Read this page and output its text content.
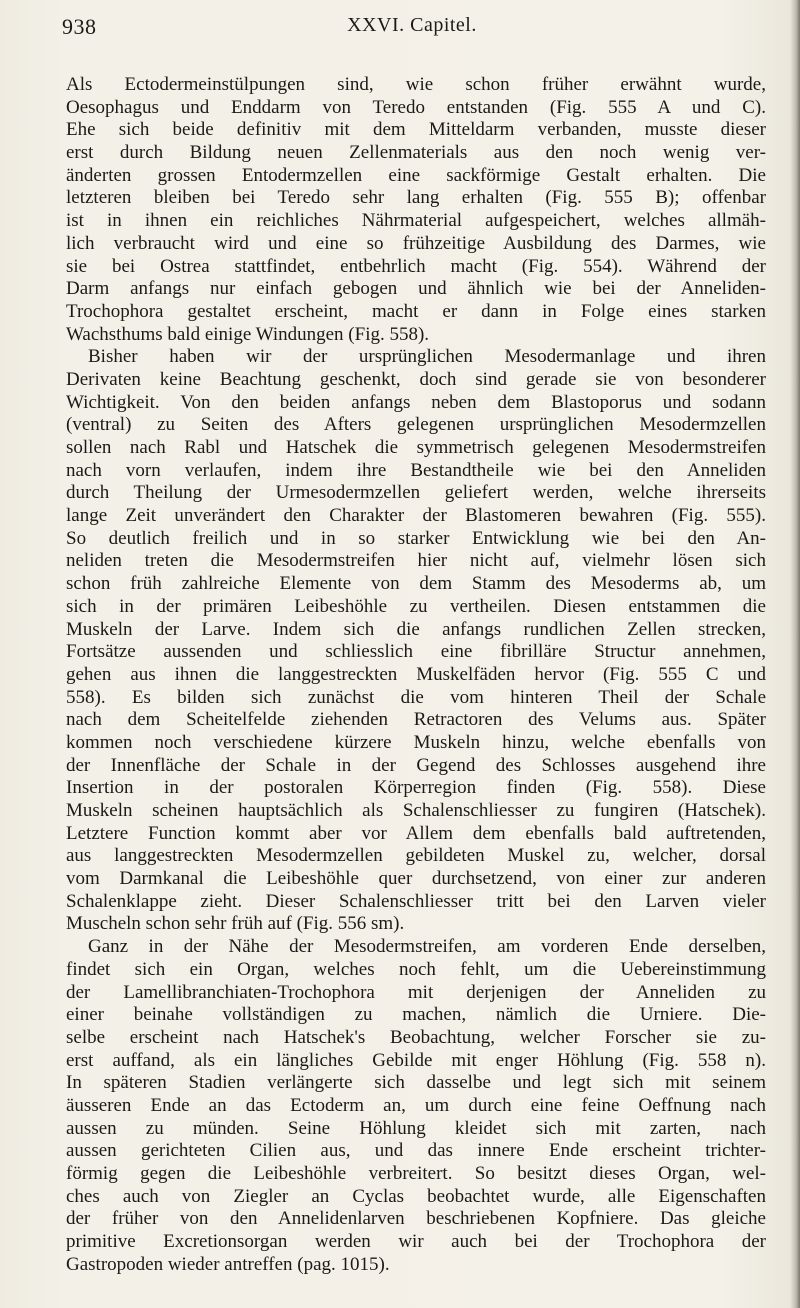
938	XXVI. Capitel.
Als Ectodermeinstülpungen sind, wie schon früher erwähnt wurde,
Oesophagus und Enddarm von Teredo entstanden (Fig. 555 A und C).
Ehe sich beide definitiv mit dem Mitteldarm verbanden, musste dieser
erst durch Bildung neuen Zellenmaterials aus den noch wenig ver-
änderten grossen Entodermzellen eine sackförmige Gestalt erhalten. Die
letzteren bleiben bei Teredo sehr lang erhalten (Fig. 555 B); offenbar
ist in ihnen ein reichliches Nährmaterial aufgespeichert, welches allmäh-
lich verbraucht wird und eine so frühzeitige Ausbildung des Darmes, wie
sie bei Ostrea stattfindet, entbehrlich macht (Fig. 554). Während der
Darm anfangs nur einfach gebogen und ähnlich wie bei der Anneliden-
Trochophora gestaltet erscheint, macht er dann in Folge eines starken
Wachsthums bald einige Windungen (Fig. 558).
Bisher haben wir der ursprünglichen Mesodermanlage und ihren
Derivaten keine Beachtung geschenkt, doch sind gerade sie von besonderer
Wichtigkeit. Von den beiden anfangs neben dem Blastoporus und sodann
(ventral) zu Seiten des Afters gelegenen ursprünglichen Mesodermzellen
sollen nach Rabl und Hatschek die symmetrisch gelegenen Mesodermstreifen
nach vorn verlaufen, indem ihre Bestandtheile wie bei den Anneliden
durch Theilung der Urmesodermzellen geliefert werden, welche ihrerseits
lange Zeit unverändert den Charakter der Blastomeren bewahren (Fig. 555).
So deutlich freilich und in so starker Entwicklung wie bei den An-
neliden treten die Mesodermstreifen hier nicht auf, vielmehr lösen sich
schon früh zahlreiche Elemente von dem Stamm des Mesoderms ab, um
sich in der primären Leibeshöhle zu vertheilen. Diesen entstammen die
Muskeln der Larve. Indem sich die anfangs rundlichen Zellen strecken,
Fortsätze aussenden und schliesslich eine fibrilläre Structur annehmen,
gehen aus ihnen die langgestreckten Muskelfäden hervor (Fig. 555 C und
558). Es bilden sich zunächst die vom hinteren Theil der Schale
nach dem Scheitelfelde ziehenden Retractoren des Velums aus. Später
kommen noch verschiedene kürzere Muskeln hinzu, welche ebenfalls von
der Innenfläche der Schale in der Gegend des Schlosses ausgehend ihre
Insertion in der postoralen Körperregion finden (Fig. 558). Diese
Muskeln scheinen hauptsächlich als Schalenschliesser zu fungiren (Hatschek).
Letztere Function kommt aber vor Allem dem ebenfalls bald auftretenden,
aus langgestreckten Mesodermzellen gebildeten Muskel zu, welcher, dorsal
vom Darmkanal die Leibeshöhle quer durchsetzend, von einer zur anderen
Schalenklappe zieht. Dieser Schalenschliesser tritt bei den Larven vieler
Muscheln schon sehr früh auf (Fig. 556 sm).
Ganz in der Nähe der Mesodermstreifen, am vorderen Ende derselben,
findet sich ein Organ, welches noch fehlt, um die Uebereinstimmung
der Lamellibranchiaten-Trochophora mit derjenigen der Anneliden zu
einer beinahe vollständigen zu machen, nämlich die Urniere. Die-
selbe erscheint nach Hatschek's Beobachtung, welcher Forscher sie zu-
erst auffand, als ein längliches Gebilde mit enger Höhlung (Fig. 558 n).
In späteren Stadien verlängerte sich dasselbe und legt sich mit seinem
äusseren Ende an das Ectoderm an, um durch eine feine Oeffnung nach
aussen zu münden. Seine Höhlung kleidet sich mit zarten, nach
aussen gerichteten Cilien aus, und das innere Ende erscheint trichter-
förmig gegen die Leibeshöhle verbreitert. So besitzt dieses Organ, wel-
ches auch von Ziegler an Cyclas beobachtet wurde, alle Eigenschaften
der früher von den Annelidenlarven beschriebenen Kopfniere. Das gleiche
primitive Excretionsorgan werden wir auch bei der Trochophora der
Gastropoden wieder antreffen (pag. 1015).
